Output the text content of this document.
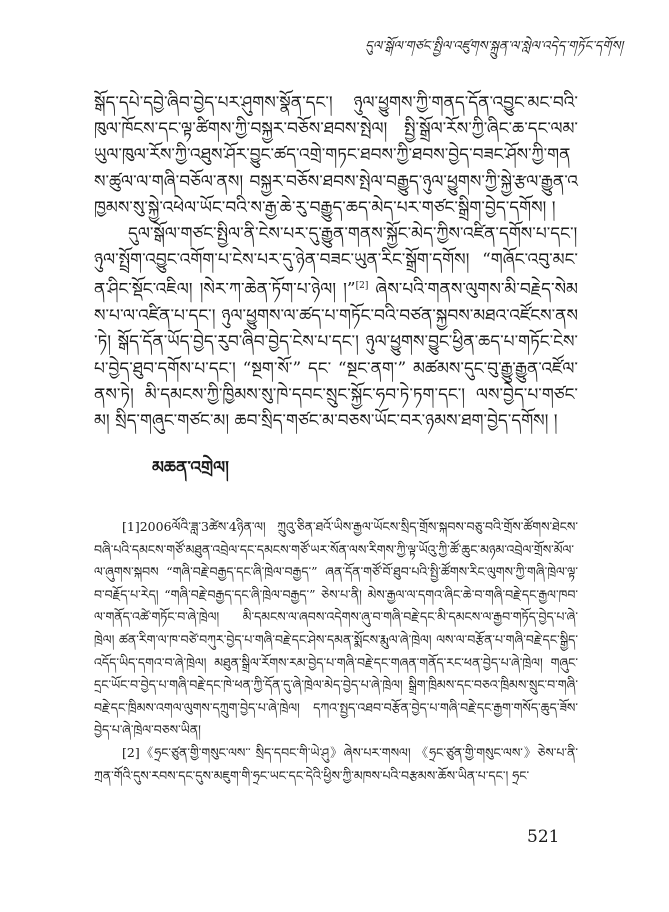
དུལ་སྒོལ་གཙང་སྤྱིལ་འཛུགས་སྐྲུན་ལ་སླེལ་འདེད་གཏོང་དགོས།

སྒོད་དཔེ་དབྱེ་ཞིབ་བྱེད་པར་ཤུགས་སྣོན་དང་། ཉུལ་ཕྱུགས་ཀྱི་གནད་དོན་འབྱུང་མང་བའི་ཁུལ་ཁོངས་དང་ལྟ་ཚིགས་ཀྱི་བསྐྱར་བཅོས་ཐབས་སྤེལ། སྤྱི་སྒྲོལ་རོས་ཀྱི་ཞིང་ཆ་དང་ལམ་ཡུལ་ཁུལ་རོས་ཀྱི་འཐུས་ཤོར་བྱུང་ཚད་འགྲེ་གཏང་ཐབས་ཀྱི་ཐབས་བྱེད་བཟང་ཤོས་ཀྱི་གནས་ཚུལ་ལ་གཞི་བཅོལ་ནས། བསྐྱར་བཅོས་ཐབས་སྤེལ་བརྒྱུད་ཉུལ་ཕྱུགས་ཀྱི་སྐྱེ་རྩལ་རྒྱུན་འཁྱམས་སུ་སྐྱེ་འཕེལ་ཡོང་བའི་ས་རྒྱ་ཆེ་རུ་བརྒྱུད་ཆད་མེད་པར་གཙང་སྒྲིག་བྱེད་དགོས། །

དུལ་སྒོལ་གཙང་སྤྱིལ་ནི་ངེས་པར་དུ་རྒྱུན་གནས་སྐྱོང་མེད་ཀྱིས་འཛིན་དགོས་པ་དང་། ཉུལ་སྤྲོག་འབྱུང་འགོག་པ་ངེས་པར་དུ་ཉེན་བཟང་ཡུན་རིང་སྒྲོག་དགོས། “གཞོང་འབུ་མང་ན་ཤིང་སྡོང་འཇིལ། །སེར་ཀ་ཆེན་ཏོག་པ་ཉེལ། །”[2] ཞེས་པའི་གནས་ལུགས་མི་བརྗེད་སེམས་པ་ལ་འཛིན་པ་དང་། ཉུལ་ཕྱུགས་ལ་ཚད་པ་གཏོང་བའི་བཙན་སྐྱབས་མཐའ་འཛོངས་ནས་ཏེ། སྒོད་དོན་ཡོད་བྱེད་རུབ་ཞིབ་བྱེད་ངེས་པ་དང་། ཉུལ་ཕྱུགས་བྱུང་ཕྱིན་ཆད་པ་གཏོང་ངེས་པ་བྱེད་ཐུབ་དགོས་པ་དང་། “སྔག་སོ་” དང་ “སྔང་ནག་” མཚམས་དུང་བུ་རྒྱུ་རྒྱུན་འཛོལ་ནས་ཏེ། མི་དམངས་ཀྱི་ཁྱིམས་སུ་ཁེ་དབང་སྲུང་སྐྱོང་ཧབ་ཏེ་ཏག་དང་། ལས་བྱེད་པ་གཙང་མ། སྲིད་གཞུང་གཙང་མ། ཆབ་སྲིད་གཙང་མ་བཅས་ཡོང་བར་ཉམས་ཐག་བྱེད་དགོས། །

མཆན་འགྲེལ།

[1]2006ལོའི་ཟླ་3ཚེས་4ཉིན་ལ། ཀྲུའུ་ཅིན་ཐའོ་ཡིས་རྒྱལ་ཡོངས་སྲིད་གྲོས་སྐབས་བཅུ་བའི་གྲོས་ཚོགས་ཐེངས་བཞི་པའི་དམངས་གཙོ་མཐུན་འབྲེལ་དང་དམངས་གཙོ་ཡར་སོན་ལས་རིགས་ཀྱི་ལྟ་ཡོའུ་ཀྱི་ཚོ་ཆུང་མཉམ་འབྲེལ་གྲོས་མོལ་ལ་ཞུགས་སྐབས “གཞི་བརྗེ་བརྒྱད་དང་ཞི་ཁྲེལ་བརྒྱད་” ཞན་དོན་གཙོ་བོ་ཐུབ་པའི་སྤྱི་ཚོགས་རིང་ལུགས་ཀྱི་གཞི་ཁྲེལ་ལྟ་བ་བརྗོད་པ་རེད། “གཞི་བརྗེ་བརྒྱད་དང་ཞི་ཁྲེལ་བརྒྱད་” ཅེས་པ་ནི། མེས་རྒྱལ་ལ་དགའ་ཞིང་ཆེ་བ་གཞི་བརྗེ་དང་རྒྱལ་ཁབ་ལ་གནོད་འཚེ་གཏོང་བ་ཞེ་ཁྲེལ། མི་དམངས་ལ་ཞབས་འདེགས་ཞུ་བ་གཞི་བརྗེ་དང་མི་དམངས་ལ་རྒྱབ་གཏོད་བྱེད་པ་ཞེ་ཁྲེལ། ཚན་རིག་ལ་ཁ་བཙེ་བཀུར་བྱེད་པ་གཞི་བརྗེ་དང་ཤེས་དམན་སྨོངས་རྨུལ་ཞེ་ཁྲེལ། ལས་ལ་བརྩོན་པ་གཞི་བརྗེ་དང་སྒྱིད་འདོད་ཡིད་དགའ་བ་ཞེ་ཁྲེལ། མཐུན་སྒྲིལ་རོགས་རམ་བྱེད་པ་གཞི་བརྗེ་དང་གཞན་གནོད་རང་ཕན་བྱེད་པ་ཞེ་ཁྲེལ། གཞུང་དྲང་ཡོང་བ་བྱེད་པ་གཞི་བརྗེ་དང་ཁེ་ཕན་ཀྱི་དོན་དུ་ཞེ་ཁྲེལ་མེད་བྱེད་པ་ཞེ་ཁྲེལ། སྒྲིག་ཁྲིམས་དང་བཅའ་ཁྲིམས་སྲུང་བ་གཞི་བརྗེ་དང་ཁྲིམས་འགལ་ལུགས་དཀྲུག་བྱེད་པ་ཞེ་ཁྲེལ། དཀའ་སྤྱད་འཐབ་བརྩོན་བྱེད་པ་གཞི་བརྗེ་དང་རྒྱག་གསོད་ཆུད་ཟོས་བྱེད་པ་ཞེ་ཁྲེལ་བཅས་ཡིན།

[2]《ཧྲང་ཙུན་གྱི་གསུང་ལས་་ སྲིད་དབང་གི་ཡེ་ཤུ》ཞེས་པར་གསལ། 《ཧྲང་ཙུན་གྱི་གསུང་ལས་》ཅེས་པ་ནི་ཀྲན་གོའི་དུས་རབས་དང་དུས་མཇུག་གི་ཧྲང་ཡང་དང་དེའི་ཕྱིས་ཀྱི་མཁས་པའི་བརྩམས་ཆོས་ཡིན་པ་དང་། ཧྲང་

521
